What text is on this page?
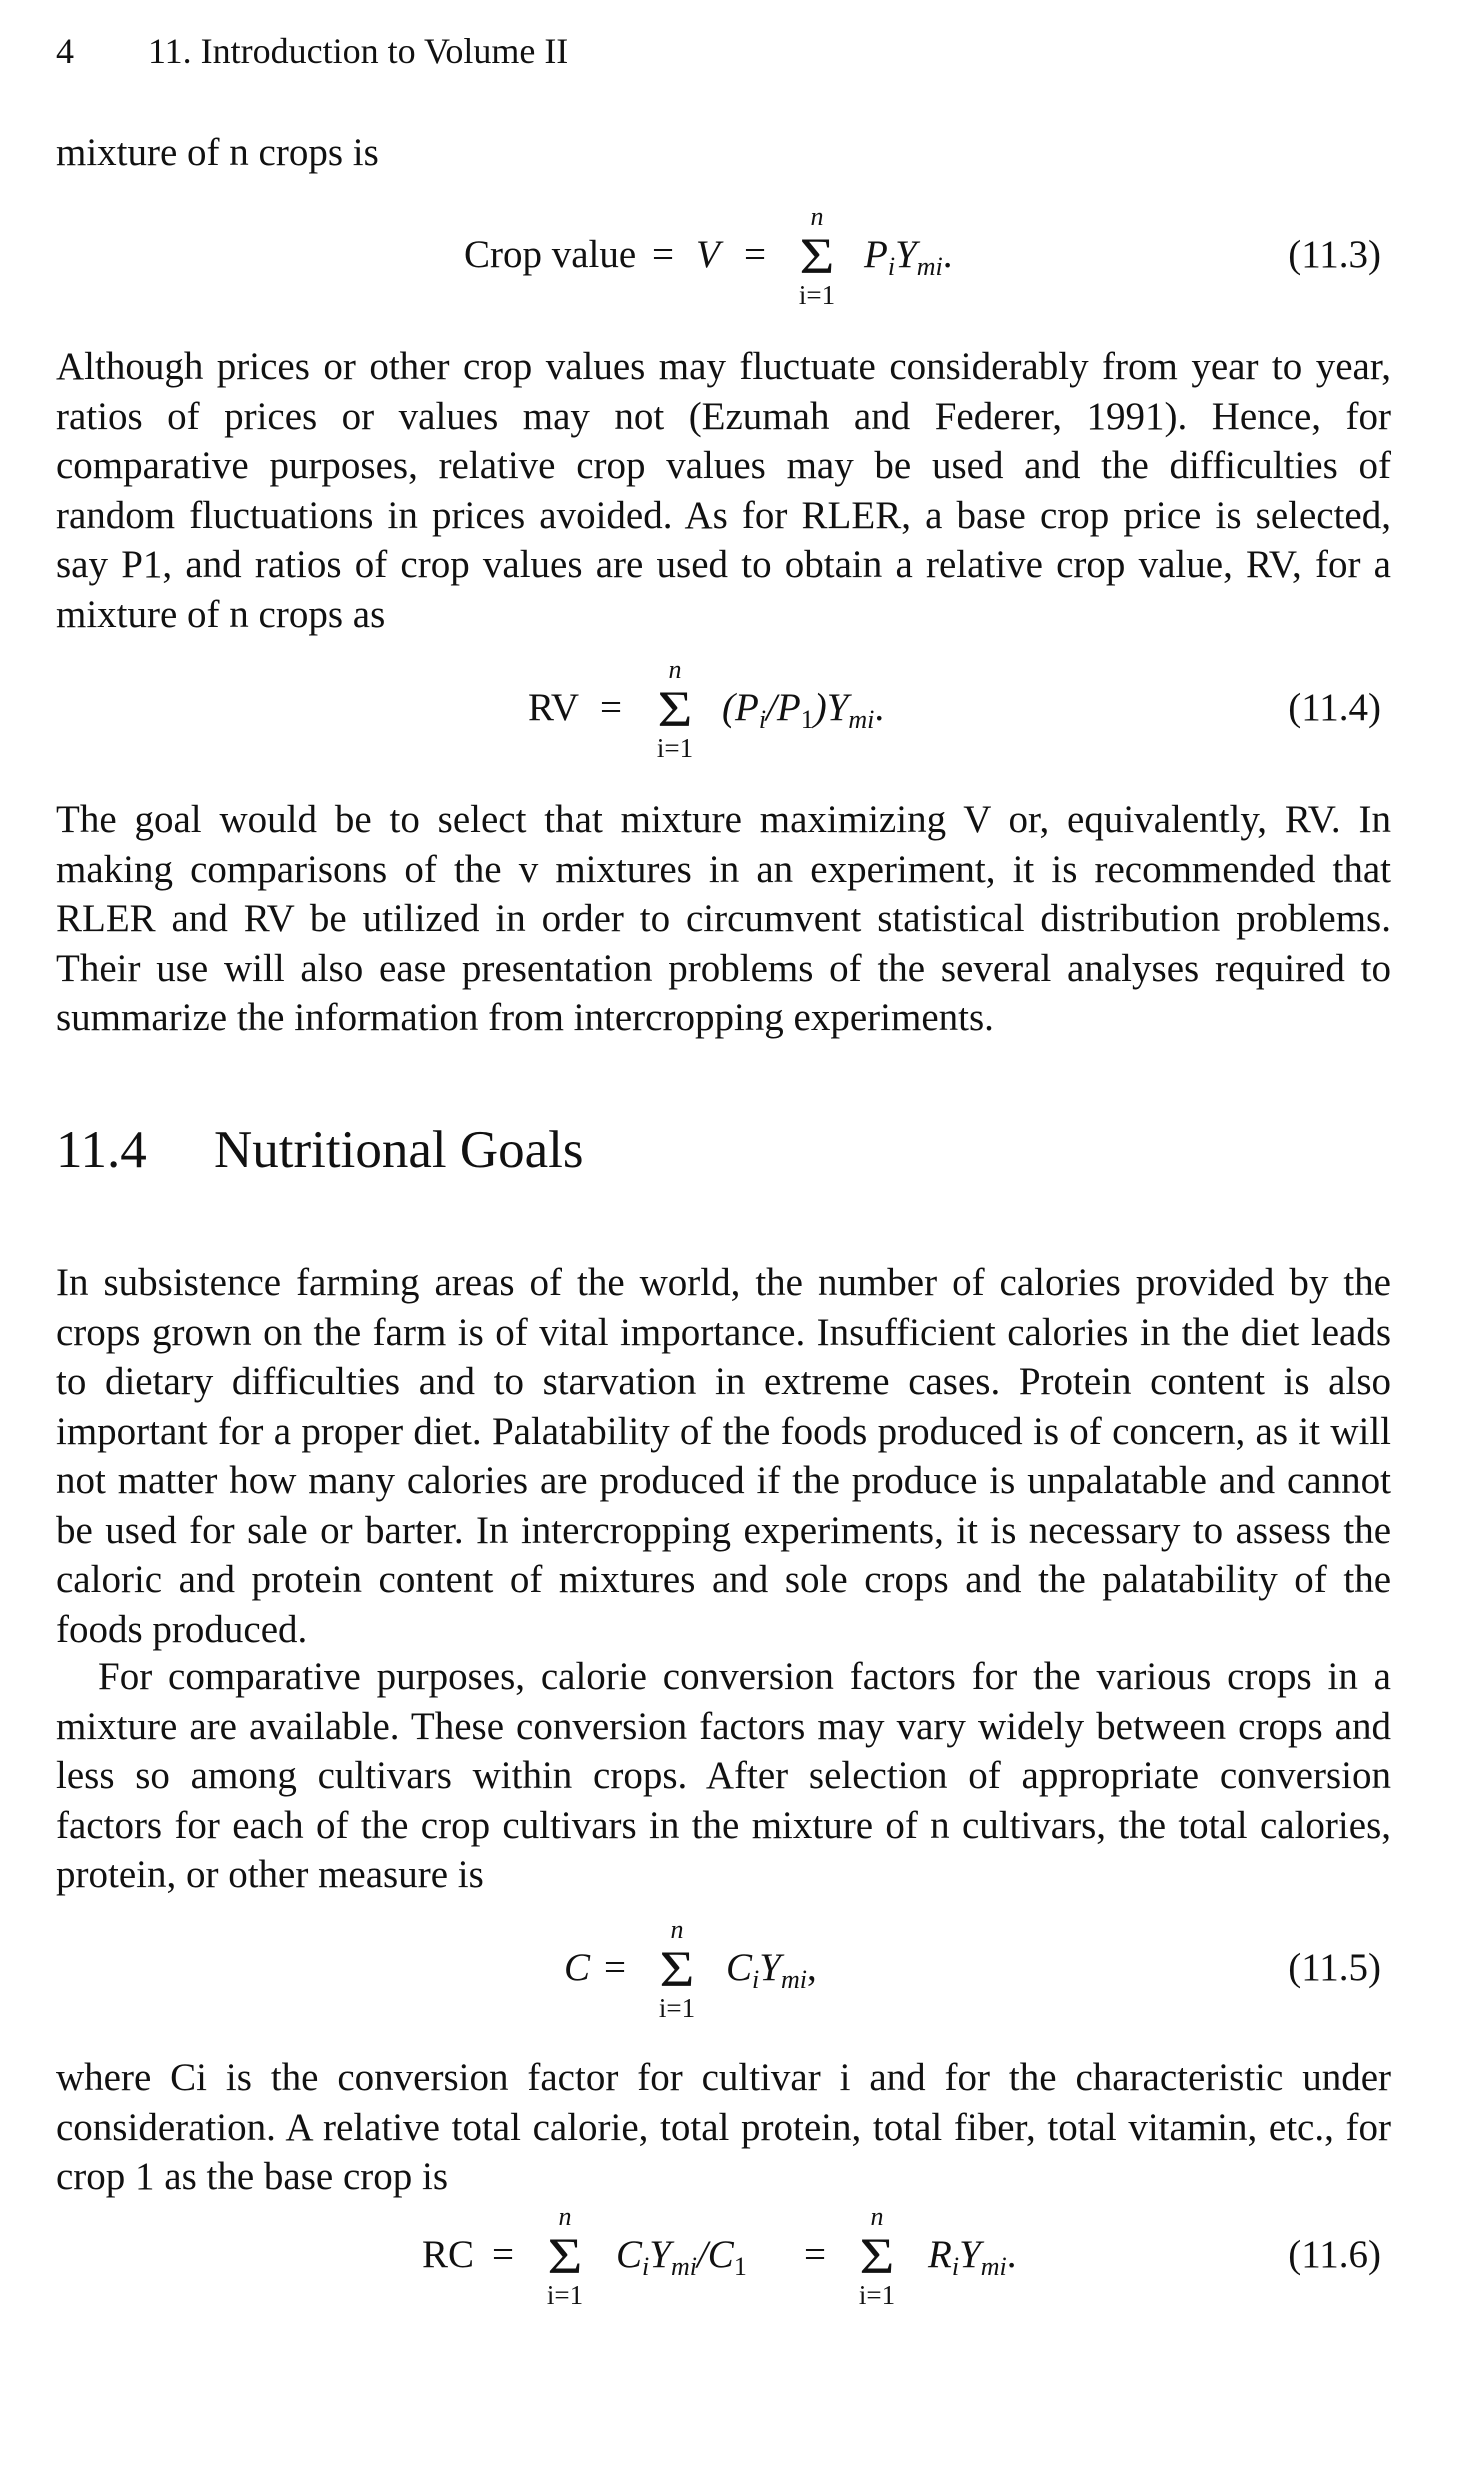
4 11. Introduction to Volume II

mixture of n crops is

Crop value = V =
n
Σ
i=1
$P_iY_{mi}$.	(11.3)

Although prices or other crop values may fluctuate considerably from year to year, ratios of prices or values may not (Ezumah and Federer, 1991). Hence, for comparative purposes, relative crop values may be used and the difficulties of random fluctuations in prices avoided. As for RLER, a base crop price is selected, say P1, and ratios of crop values are used to obtain a relative crop value, RV, for a mixture of n crops as

RV =
n
Σ
i=1
$(P_i/P_1)Y_{mi}$.	(11.4)

The goal would be to select that mixture maximizing V or, equivalently, RV. In making comparisons of the v mixtures in an experiment, it is recommended that RLER and RV be utilized in order to circumvent statistical distribution problems. Their use will also ease presentation problems of the several analyses required to summarize the information from intercropping experiments.

11.4 Nutritional Goals

In subsistence farming areas of the world, the number of calories provided by the crops grown on the farm is of vital importance. Insufficient calories in the diet leads to dietary difficulties and to starvation in extreme cases. Protein content is also important for a proper diet. Palatability of the foods produced is of concern, as it will not matter how many calories are produced if the produce is unpalatable and cannot be used for sale or barter. In intercropping experiments, it is necessary to assess the caloric and protein content of mixtures and sole crops and the palatability of the foods produced.

For comparative purposes, calorie conversion factors for the various crops in a mixture are available. These conversion factors may vary widely between crops and less so among cultivars within crops. After selection of appropriate conversion factors for each of the crop cultivars in the mixture of n cultivars, the total calories, protein, or other measure is

C =
n
Σ
i=1
$C_iY_{mi}$,	(11.5)

where Ci is the conversion factor for cultivar i and for the characteristic under consideration. A relative total calorie, total protein, total fiber, total vitamin, etc., for crop 1 as the base crop is

RC =
n
Σ
i=1
$C_iY_{mi}/C_1$ =
n
Σ
i=1
$R_iY_{mi}$.	(11.6)
